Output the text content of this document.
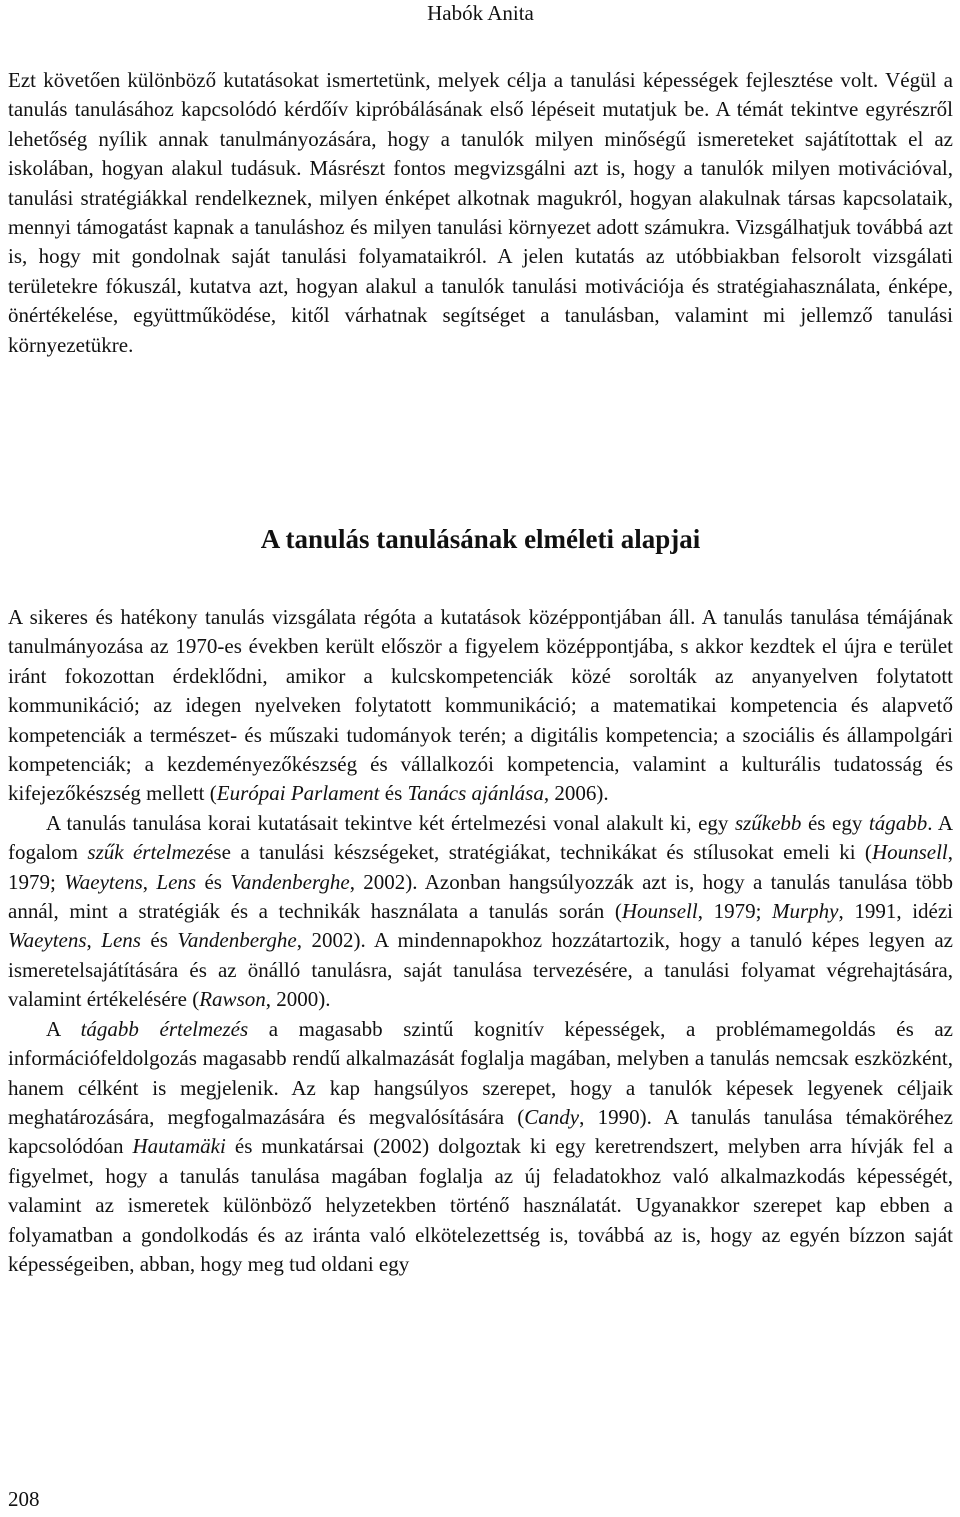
Habók Anita

Ezt követően különböző kutatásokat ismertetünk, melyek célja a tanulási képességek fejlesztése volt. Végül a tanulás tanulásához kapcsolódó kérdőív kipróbálásának első lépéseit mutatjuk be. A témát tekintve egyrészről lehetőség nyílik annak tanulmányozására, hogy a tanulók milyen minőségű ismereteket sajátítottak el az iskolában, hogyan alakul tudásuk. Másrészt fontos megvizsgálni azt is, hogy a tanulók milyen motivációval, tanulási stratégiákkal rendelkeznek, milyen énképet alkotnak magukról, hogyan alakulnak társas kapcsolataik, mennyi támogatást kapnak a tanuláshoz és milyen tanulási környezet adott számukra. Vizsgálhatjuk továbbá azt is, hogy mit gondolnak saját tanulási folyamataikról. A jelen kutatás az utóbbiakban felsorolt vizsgálati területekre fókuszál, kutatva azt, hogyan alakul a tanulók tanulási motivációja és stratégiahasználata, énképe, önértékelése, együttműködése, kitől várhatnak segítséget a tanulásban, valamint mi jellemző tanulási környezetükre.

A tanulás tanulásának elméleti alapjai

A sikeres és hatékony tanulás vizsgálata régóta a kutatások középpontjában áll. A tanulás tanulása témájának tanulmányozása az 1970-es években került először a figyelem középpontjába, s akkor kezdtek el újra e terület iránt fokozottan érdeklődni, amikor a kulcskompetenciák közé sorolták az anyanyelven folytatott kommunikáció; az idegen nyelveken folytatott kommunikáció; a matematikai kompetencia és alapvető kompetenciák a természet- és műszaki tudományok terén; a digitális kompetencia; a szociális és állampolgári kompetenciák; a kezdeményezőkészség és vállalkozói kompetencia, valamint a kulturális tudatosság és kifejezőkészség mellett (Európai Parlament és Tanács ajánlása, 2006).

A tanulás tanulása korai kutatásait tekintve két értelmezési vonal alakult ki, egy szűkebb és egy tágabb. A fogalom szűk értelmezése a tanulási készségeket, stratégiákat, technikákat és stílusokat emeli ki (Hounsell, 1979; Waeytens, Lens és Vandenberghe, 2002). Azonban hangsúlyozzák azt is, hogy a tanulás tanulása több annál, mint a stratégiák és a technikák használata a tanulás során (Hounsell, 1979; Murphy, 1991, idézi Waeytens, Lens és Vandenberghe, 2002). A mindennapokhoz hozzátartozik, hogy a tanuló képes legyen az ismeretelsajátítására és az önálló tanulásra, saját tanulása tervezésére, a tanulási folyamat végrehajtására, valamint értékelésére (Rawson, 2000).

A tágabb értelmezés a magasabb szintű kognitív képességek, a problémamegoldás és az információfeldolgozás magasabb rendű alkalmazását foglalja magában, melyben a tanulás nemcsak eszközként, hanem célként is megjelenik. Az kap hangsúlyos szerepet, hogy a tanulók képesek legyenek céljaik meghatározására, megfogalmazására és megvalósítására (Candy, 1990). A tanulás tanulása témaköréhez kapcsolódóan Hautamäki és munkatársai (2002) dolgoztak ki egy keretrendszert, melyben arra hívják fel a figyelmet, hogy a tanulás tanulása magában foglalja az új feladatokhoz való alkalmazkodás képességét, valamint az ismeretek különböző helyzetekben történő használatát. Ugyanakkor szerepet kap ebben a folyamatban a gondolkodás és az iránta való elkötelezettség is, továbbá az is, hogy az egyén bízzon saját képességeiben, abban, hogy meg tud oldani egy

208
